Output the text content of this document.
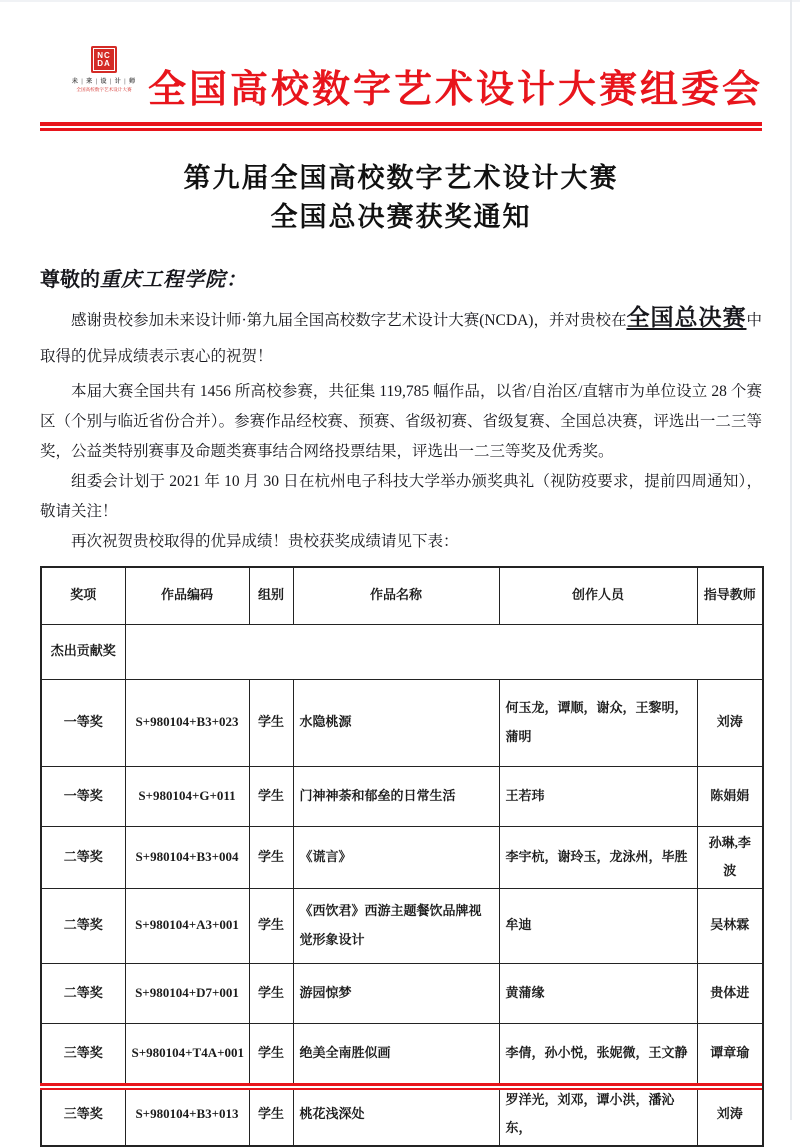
NC
DA
未 | 来 | 设 | 计 | 师
全国高校数字艺术设计大赛 全国高校数字艺术设计大赛组委会
第九届全国高校数字艺术设计大赛
全国总决赛获奖通知
尊敬的重庆工程学院：
感谢贵校参加未来设计师·第九届全国高校数字艺术设计大赛(NCDA)，并对贵校在全国总决赛中取得的优异成绩表示衷心的祝贺！
本届大赛全国共有 1456 所高校参赛，共征集 119,785 幅作品，以省/自治区/直辖市为单位设立 28 个赛区（个别与临近省份合并）。参赛作品经校赛、预赛、省级初赛、省级复赛、全国总决赛，评选出一二三等奖，公益类特别赛事及命题类赛事结合网络投票结果，评选出一二三等奖及优秀奖。
组委会计划于 2021 年 10 月 30 日在杭州电子科技大学举办颁奖典礼（视防疫要求，提前四周通知），敬请关注！
再次祝贺贵校取得的优异成绩！贵校获奖成绩请见下表：
奖项	作品编码	组别	作品名称	创作人员	指导教师
杰出贡献奖					
一等奖	S+980104+B3+023	学生	水隐桃源	何玉龙，谭顺，谢众，王黎明，蒲明	刘涛
一等奖	S+980104+G+011	学生	门神神荼和郁垒的日常生活	王若玮	陈娟娟
二等奖	S+980104+B3+004	学生	《谎言》	李宇杭，谢玲玉，龙泳州，毕胜	孙琳,李波
二等奖	S+980104+A3+001	学生	《西饮君》西游主题餐饮品牌视觉形象设计	牟迪	吴林霖
二等奖	S+980104+D7+001	学生	游园惊梦	黄蒲缘	贵体进
三等奖	S+980104+T4A+001	学生	绝美全南胜似画	李倩，孙小悦，张妮微，王文静	谭章瑜
三等奖	S+980104+B3+013	学生	桃花浅深处	罗洋光，刘邓，谭小洪，潘沁东，	刘涛
